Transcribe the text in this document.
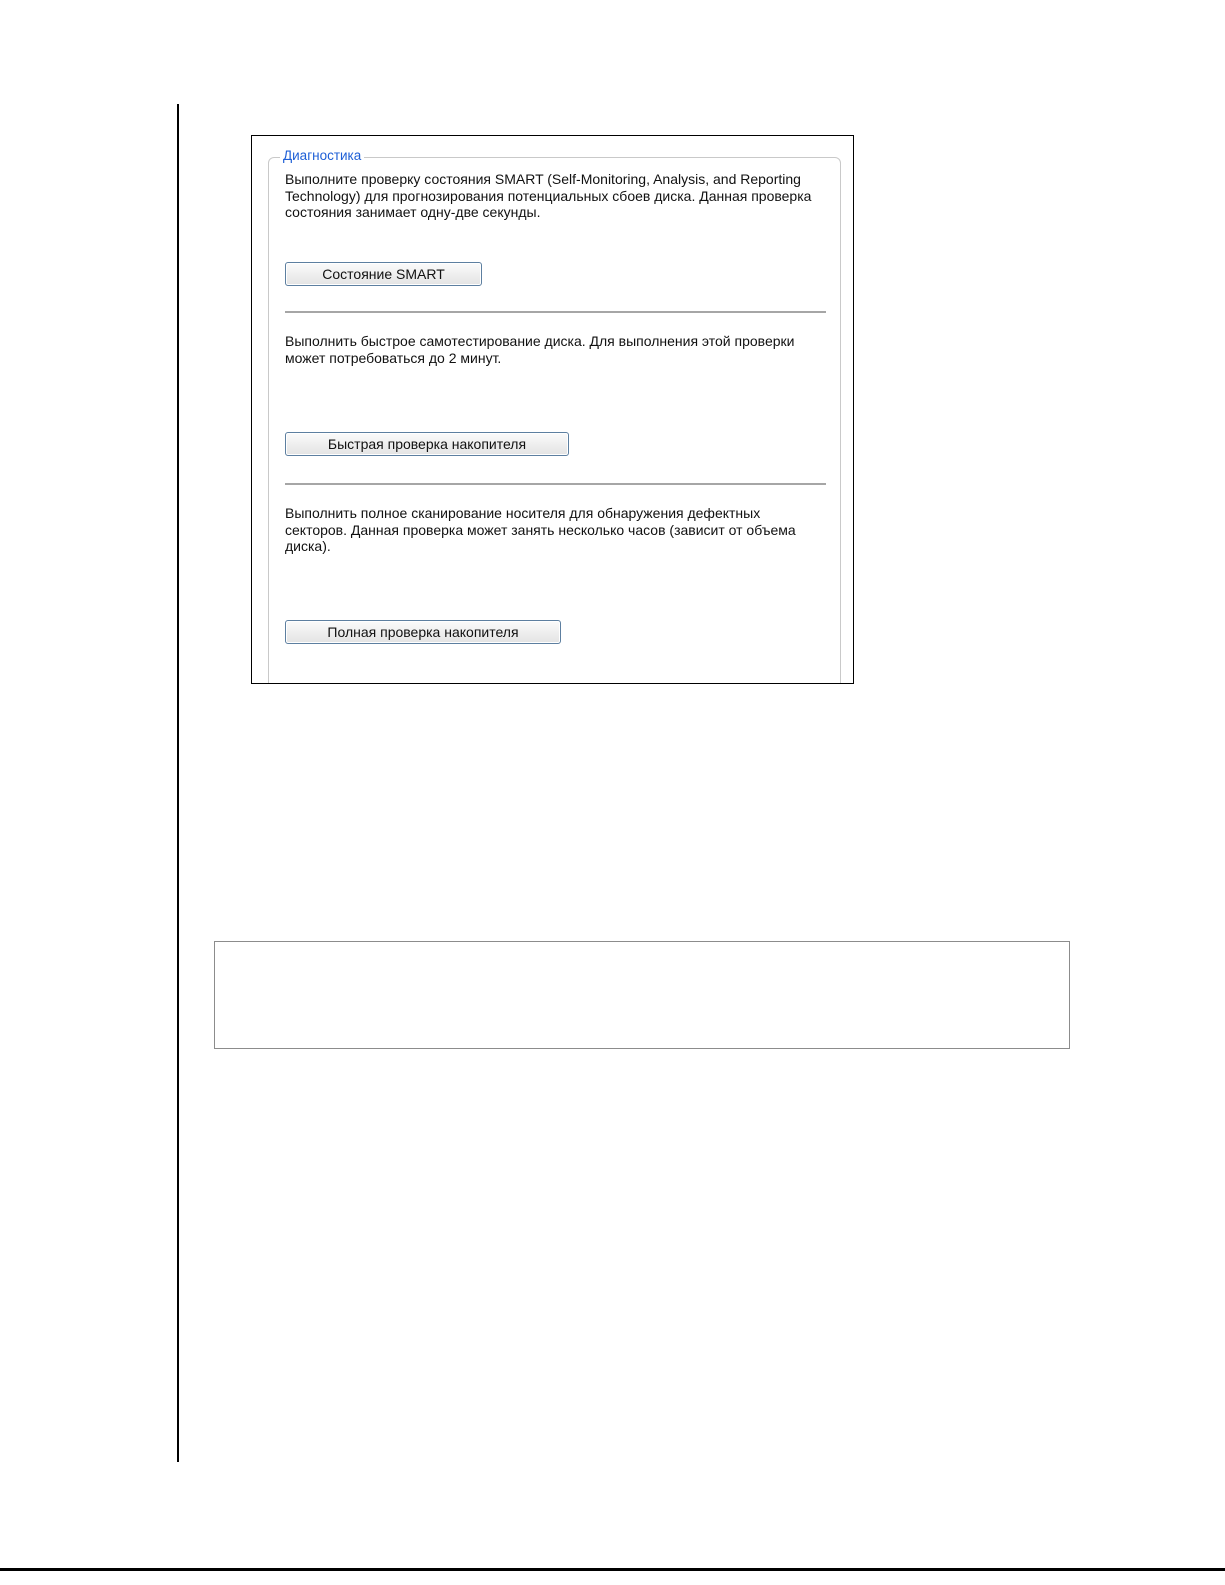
Диагностика
Выполните проверку состояния SMART (Self-Monitoring, Analysis, and Reporting Technology) для прогнозирования потенциальных сбоев диска. Данная проверка состояния занимает одну-две секунды.
Состояние SMART
Выполнить быстрое самотестирование диска. Для выполнения этой проверки может потребоваться до 2 минут.
Быстрая проверка накопителя
Выполнить полное сканирование носителя для обнаружения дефектных секторов. Данная проверка может занять несколько часов (зависит от объема диска).
Полная проверка накопителя
